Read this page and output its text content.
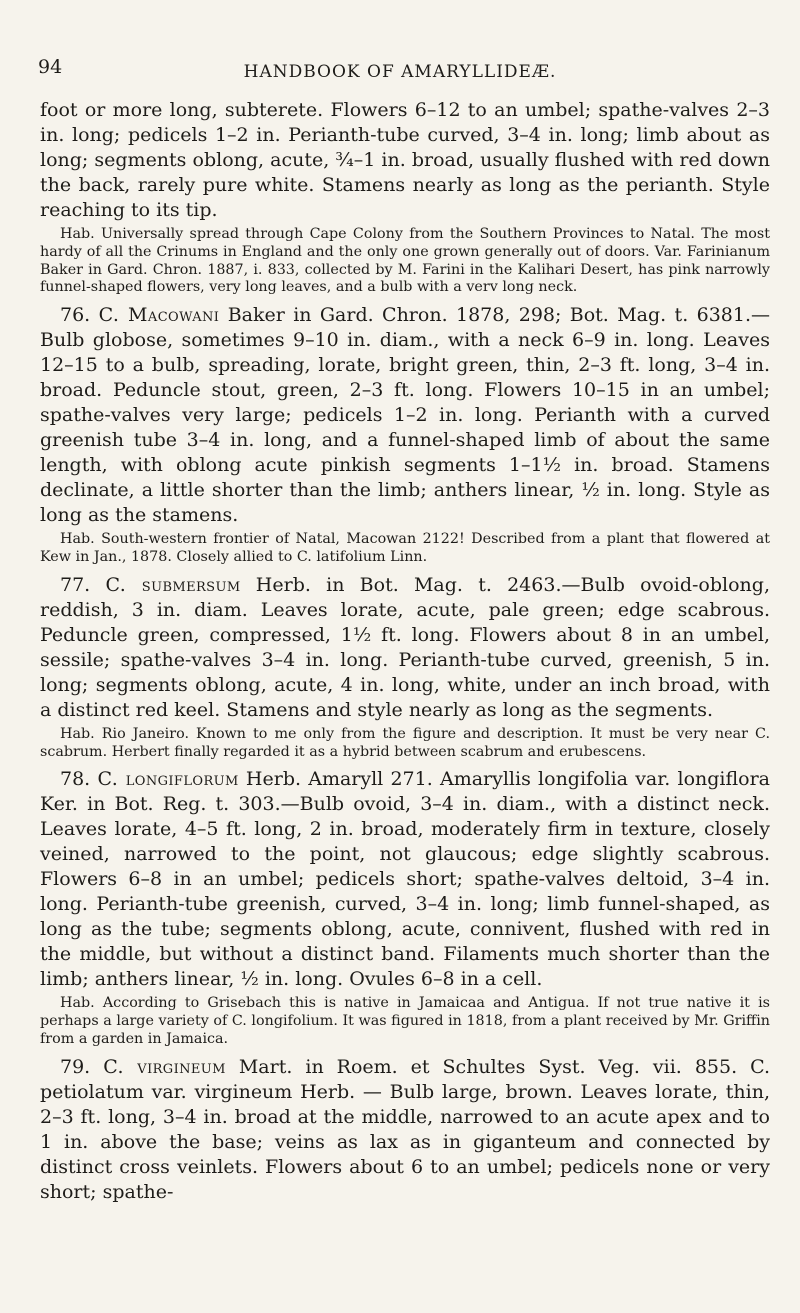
94	HANDBOOK OF AMARYLLIDEÆ.

foot or more long, subterete. Flowers 6–12 to an umbel; spathe-valves 2–3 in. long; pedicels 1–2 in. Perianth-tube curved, 3–4 in. long; limb about as long; segments oblong, acute, ¾–1 in. broad, usually flushed with red down the back, rarely pure white. Stamens nearly as long as the perianth. Style reaching to its tip.

Hab. Universally spread through Cape Colony from the Southern Provinces to Natal. The most hardy of all the Crinums in England and the only one grown generally out of doors. Var. Farinianum Baker in Gard. Chron. 1887, i. 833, collected by M. Farini in the Kalihari Desert, has pink narrowly funnel-shaped flowers, very long leaves, and a bulb with a verv long neck.

76. C. Macowani Baker in Gard. Chron. 1878, 298; Bot. Mag. t. 6381.—Bulb globose, sometimes 9–10 in. diam., with a neck 6–9 in. long. Leaves 12–15 to a bulb, spreading, lorate, bright green, thin, 2–3 ft. long, 3–4 in. broad. Peduncle stout, green, 2–3 ft. long. Flowers 10–15 in an umbel; spathe-valves very large; pedicels 1–2 in. long. Perianth with a curved greenish tube 3–4 in. long, and a funnel-shaped limb of about the same length, with oblong acute pinkish segments 1–1½ in. broad. Stamens declinate, a little shorter than the limb; anthers linear, ½ in. long. Style as long as the stamens.

Hab. South-western frontier of Natal, Macowan 2122! Described from a plant that flowered at Kew in Jan., 1878. Closely allied to C. latifolium Linn.

77. C. submersum Herb. in Bot. Mag. t. 2463.—Bulb ovoid-oblong, reddish, 3 in. diam. Leaves lorate, acute, pale green; edge scabrous. Peduncle green, compressed, 1½ ft. long. Flowers about 8 in an umbel, sessile; spathe-valves 3–4 in. long. Perianth-tube curved, greenish, 5 in. long; segments oblong, acute, 4 in. long, white, under an inch broad, with a distinct red keel. Stamens and style nearly as long as the segments.

Hab. Rio Janeiro. Known to me only from the figure and description. It must be very near C. scabrum. Herbert finally regarded it as a hybrid between scabrum and erubescens.

78. C. longiflorum Herb. Amaryll 271. Amaryllis longifolia var. longiflora Ker. in Bot. Reg. t. 303.—Bulb ovoid, 3–4 in. diam., with a distinct neck. Leaves lorate, 4–5 ft. long, 2 in. broad, moderately firm in texture, closely veined, narrowed to the point, not glaucous; edge slightly scabrous. Flowers 6–8 in an umbel; pedicels short; spathe-valves deltoid, 3–4 in. long. Perianth-tube greenish, curved, 3–4 in. long; limb funnel-shaped, as long as the tube; segments oblong, acute, connivent, flushed with red in the middle, but without a distinct band. Filaments much shorter than the limb; anthers linear, ½ in. long. Ovules 6–8 in a cell.

Hab. According to Grisebach this is native in Jamaicaa and Antigua. If not true native it is perhaps a large variety of C. longifolium. It was figured in 1818, from a plant received by Mr. Griffin from a garden in Jamaica.

79. C. virgineum Mart. in Roem. et Schultes Syst. Veg. vii. 855. C. petiolatum var. virgineum Herb. — Bulb large, brown. Leaves lorate, thin, 2–3 ft. long, 3–4 in. broad at the middle, narrowed to an acute apex and to 1 in. above the base; veins as lax as in giganteum and connected by distinct cross veinlets. Flowers about 6 to an umbel; pedicels none or very short; spathe-
